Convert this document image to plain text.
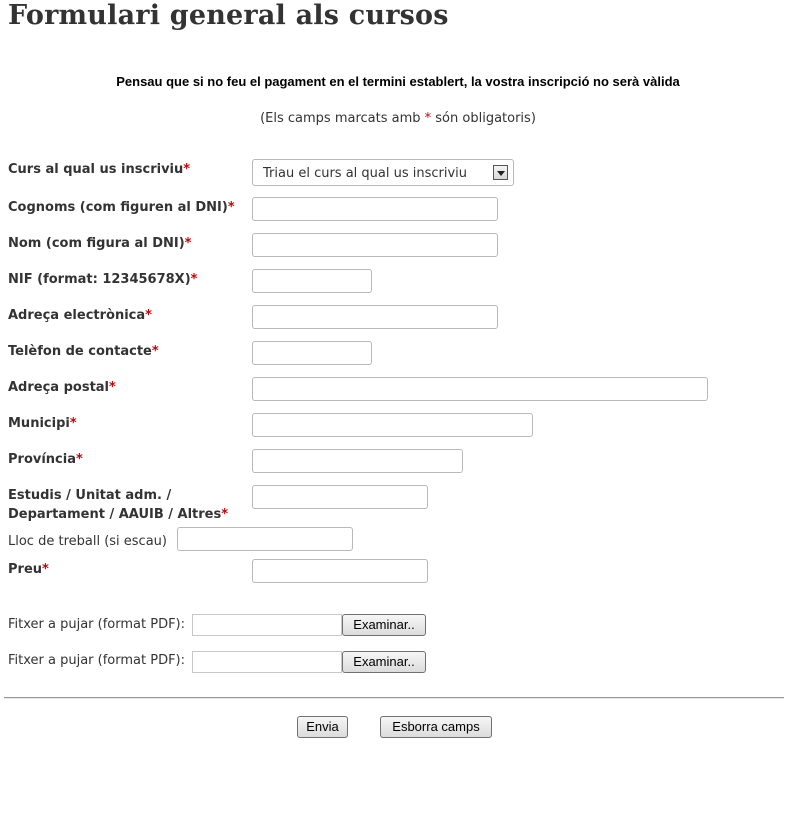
Formulari general als cursos
Pensau que si no feu el pagament en el termini establert, la vostra inscripció no serà vàlida
(Els camps marcats amb * són obligatoris)
Curs al qual us inscriviu*	Triau el curs al qual us inscriviu
Cognoms (com figuren al DNI)*
Nom (com figura al DNI)*
NIF (format: 12345678X)*
Adreça electrònica*
Telèfon de contacte*
Adreça postal*
Municipi*
Província*
Estudis / Unitat adm. /
Departament / AAUIB / Altres*
Lloc de treball (si escau)
Preu*
Fitxer a pujar (format PDF):	Examinar..
Fitxer a pujar (format PDF):	Examinar..
Envia	Esborra camps
